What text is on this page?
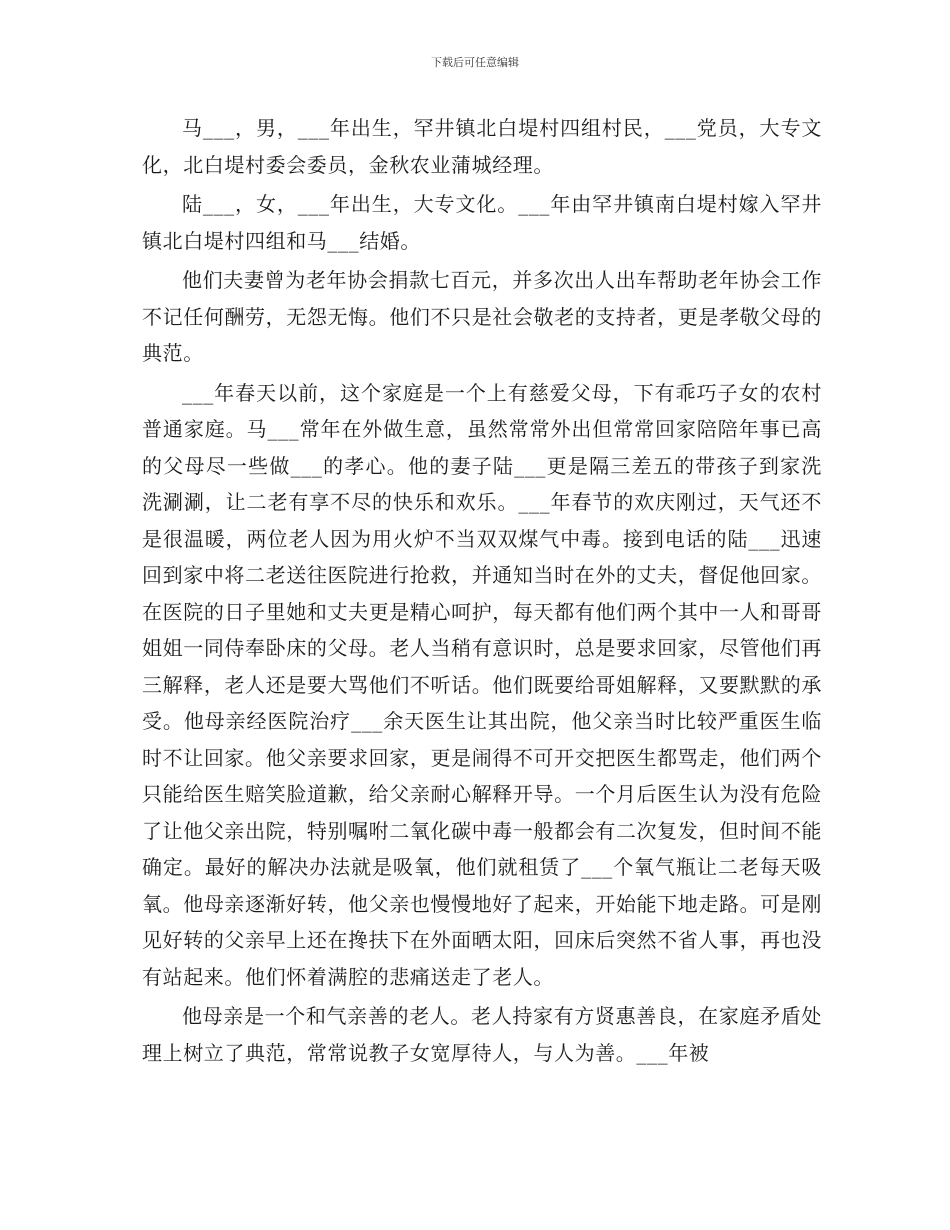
下载后可任意编辑

马___，男，___年出生，罕井镇北白堤村四组村民，___党员，大专文化，北白堤村委会委员，金秋农业蒲城经理。

陆___，女，___年出生，大专文化。___年由罕井镇南白堤村嫁入罕井镇北白堤村四组和马___结婚。

他们夫妻曾为老年协会捐款七百元，并多次出人出车帮助老年协会工作不记任何酬劳，无怨无悔。他们不只是社会敬老的支持者，更是孝敬父母的典范。

___年春天以前，这个家庭是一个上有慈爱父母，下有乖巧子女的农村普通家庭。马___常年在外做生意，虽然常常外出但常常回家陪陪年事已高的父母尽一些做___的孝心。他的妻子陆___更是隔三差五的带孩子到家洗洗涮涮，让二老有享不尽的快乐和欢乐。___年春节的欢庆刚过，天气还不是很温暖，两位老人因为用火炉不当双双煤气中毒。接到电话的陆___迅速回到家中将二老送往医院进行抢救，并通知当时在外的丈夫，督促他回家。在医院的日子里她和丈夫更是精心呵护，每天都有他们两个其中一人和哥哥姐姐一同侍奉卧床的父母。老人当稍有意识时，总是要求回家，尽管他们再三解释，老人还是要大骂他们不听话。他们既要给哥姐解释，又要默默的承受。他母亲经医院治疗___余天医生让其出院，他父亲当时比较严重医生临时不让回家。他父亲要求回家，更是闹得不可开交把医生都骂走，他们两个只能给医生赔笑脸道歉，给父亲耐心解释开导。一个月后医生认为没有危险了让他父亲出院，特别嘱咐二氧化碳中毒一般都会有二次复发，但时间不能确定。最好的解决办法就是吸氧，他们就租赁了___个氧气瓶让二老每天吸氧。他母亲逐渐好转，他父亲也慢慢地好了起来，开始能下地走路。可是刚见好转的父亲早上还在搀扶下在外面晒太阳，回床后突然不省人事，再也没有站起来。他们怀着满腔的悲痛送走了老人。

他母亲是一个和气亲善的老人。老人持家有方贤惠善良，在家庭矛盾处理上树立了典范，常常说教子女宽厚待人，与人为善。___年被
